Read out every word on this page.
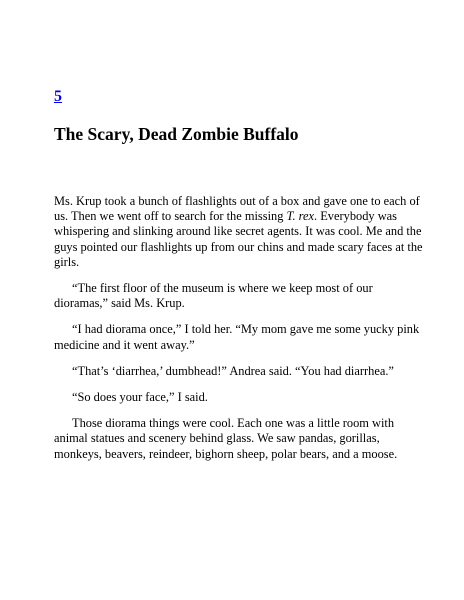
5
The Scary, Dead Zombie Buffalo

Ms. Krup took a bunch of flashlights out of a box and gave one to each of us. Then we went off to search for the missing T. rex. Everybody was whispering and slinking around like secret agents. It was cool. Me and the guys pointed our flashlights up from our chins and made scary faces at the girls.

“The first floor of the museum is where we keep most of our dioramas,” said Ms. Krup.

“I had diorama once,” I told her. “My mom gave me some yucky pink medicine and it went away.”

“That’s ‘diarrhea,’ dumbhead!” Andrea said. “You had diarrhea.”

“So does your face,” I said.

Those diorama things were cool. Each one was a little room with animal statues and scenery behind glass. We saw pandas, gorillas, monkeys, beavers, reindeer, bighorn sheep, polar bears, and a moose.
